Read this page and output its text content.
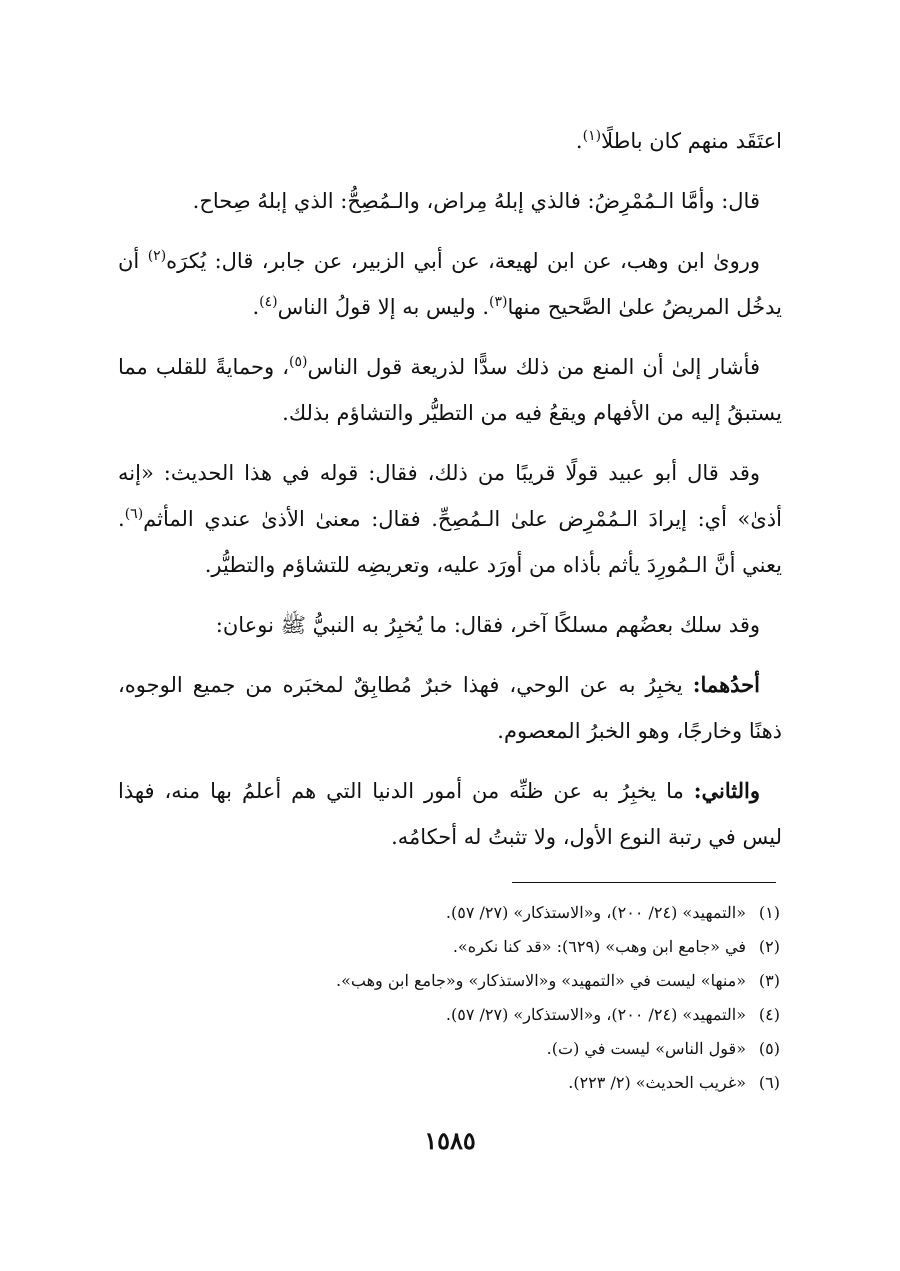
اعتَقَد منهم كان باطلًا$^{(١)}$.

قال: وأمَّا الـمُمْرِضُ: فالذي إبلهُ مِراض، والـمُصِحُّ: الذي إبلهُ صِحاح.

وروىٰ ابن وهب، عن ابن لهيعة، عن أبي الزبير، عن جابر، قال: يُكرَه$^{(٢)}$ أن يدخُل المريضُ علىٰ الصَّحيح منها$^{(٣)}$. وليس به إلا قولُ الناس$^{(٤)}$.

فأشار إلىٰ أن المنع من ذلك سدًّا لذريعة قول الناس$^{(٥)}$، وحمايةً للقلب مما يستبقُ إليه من الأفهام ويقعُ فيه من التطيُّر والتشاؤم بذلك.

وقد قال أبو عبيد قولًا قريبًا من ذلك، فقال: قوله في هذا الحديث: «إنه أذىٰ» أي: إيرادَ الـمُمْرِض علىٰ الـمُصِحِّ. فقال: معنىٰ الأذىٰ عندي المأثم$^{(٦)}$. يعني أنَّ الـمُورِدَ يأثم بأذاه من أورَد عليه، وتعريضِه للتشاؤم والتطيُّر.

وقد سلك بعضُهم مسلكًا آخر، فقال: ما يُخبِرُ به النبيُّ ﷺ نوعان:

أحدُهما: يخبِرُ به عن الوحي، فهذا خبرٌ مُطابِقٌ لمخبَره من جميع الوجوه، ذهنًا وخارجًا، وهو الخبرُ المعصوم.

والثاني: ما يخبِرُ به عن ظنِّه من أمور الدنيا التي هم أعلمُ بها منه، فهذا ليس في رتبة النوع الأول، ولا تثبتُ له أحكامُه.

(١)«التمهيد» (٢٤/ ٢٠٠)، و«الاستذكار» (٢٧/ ٥٧).
(٢)في «جامع ابن وهب» (٦٢٩): «قد كنا نكره».
(٣)«منها» ليست في «التمهيد» و«الاستذكار» و«جامع ابن وهب».
(٤)«التمهيد» (٢٤/ ٢٠٠)، و«الاستذكار» (٢٧/ ٥٧).
(٥)«قول الناس» ليست في (ت).
(٦)«غريب الحديث» (٢/ ٢٢٣).
١٥٨٥
